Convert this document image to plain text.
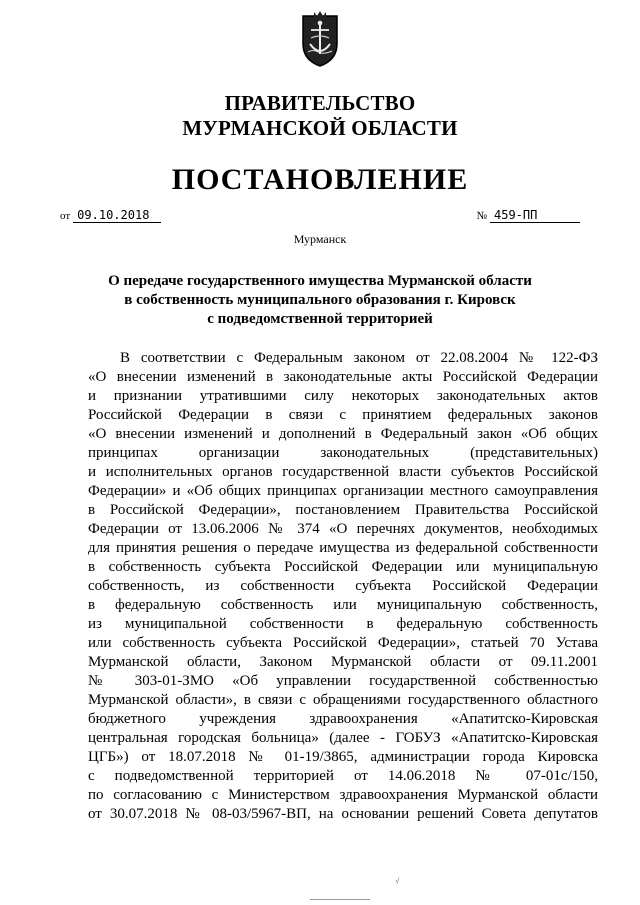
ПРАВИТЕЛЬСТВО
МУРМАНСКОЙ ОБЛАСТИ
ПОСТАНОВЛЕНИЕ
от 09.10.2018	№ 459-ПП
Мурманск
О передаче государственного имущества Мурманской области
в собственность муниципального образования г. Кировск
с подведомственной территорией
В соответствии с Федеральным законом от 22.08.2004 № 122-ФЗ
«О внесении изменений в законодательные акты Российской Федерации
и признании утратившими силу некоторых законодательных актов
Российской Федерации в связи с принятием федеральных законов
«О внесении изменений и дополнений в Федеральный закон «Об общих
принципах организации законодательных (представительных)
и исполнительных органов государственной власти субъектов Российской
Федерации» и «Об общих принципах организации местного самоуправления
в Российской Федерации», постановлением Правительства Российской
Федерации от 13.06.2006 № 374 «О перечнях документов, необходимых
для принятия решения о передаче имущества из федеральной собственности
в собственность субъекта Российской Федерации или муниципальную
собственность, из собственности субъекта Российской Федерации
в федеральную собственность или муниципальную собственность,
из муниципальной собственности в федеральную собственность
или собственность субъекта Российской Федерации», статьей 70 Устава
Мурманской области, Законом Мурманской области от 09.11.2001
№ 303-01-ЗМО «Об управлении государственной собственностью
Мурманской области», в связи с обращениями государственного областного
бюджетного учреждения здравоохранения «Апатитско-Кировская
центральная городская больница» (далее - ГОБУЗ «Апатитско-Кировская
ЦГБ») от 18.07.2018 № 01-19/3865, администрации города Кировска
с подведомственной территорией от 14.06.2018 № 07-01с/150,
по согласованию с Министерством здравоохранения Мурманской области
от 30.07.2018 № 08-03/5967-ВП, на основании решений Совета депутатов
·̸
